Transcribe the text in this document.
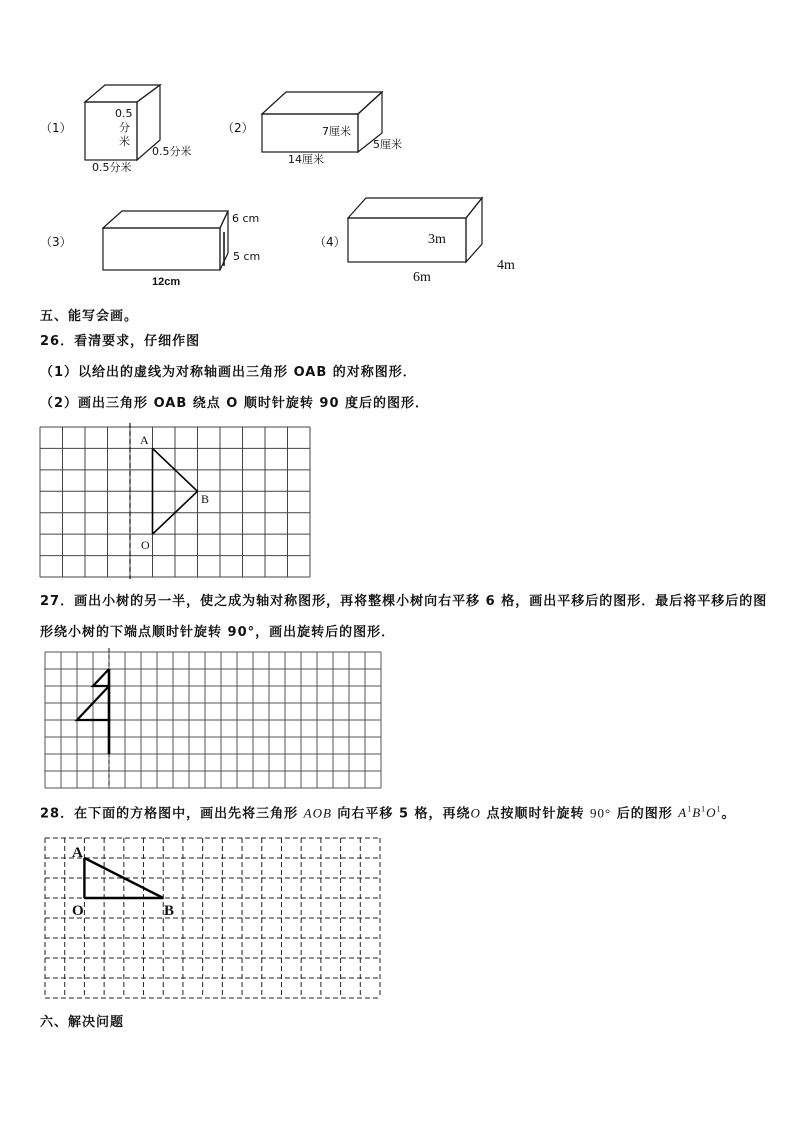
（1）
0.5
分
米
0.5分米
0.5分米
（2）	7厘米
5厘米
14厘米
（3）
6 cm
5 cm
12cm
（4）	3m
4m
6m
五、能写会画。
26．看清要求，仔细作图
（1）以给出的虚线为对称轴画出三角形 OAB 的对称图形．
（2）画出三角形 OAB 绕点 O 顺时针旋转 90 度后的图形．
A
B
O
27．画出小树的另一半，使之成为轴对称图形，再将整棵小树向右平移 6 格，画出平移后的图形．最后将平移后的图
形绕小树的下端点顺时针旋转 90°，画出旋转后的图形．
28．在下面的方格图中，画出先将三角形 AOB 向右平移 5 格，再绕O 点按顺时针旋转 90° 后的图形 $A^1B^1O^1$。
A
O	B
六、解决问题
